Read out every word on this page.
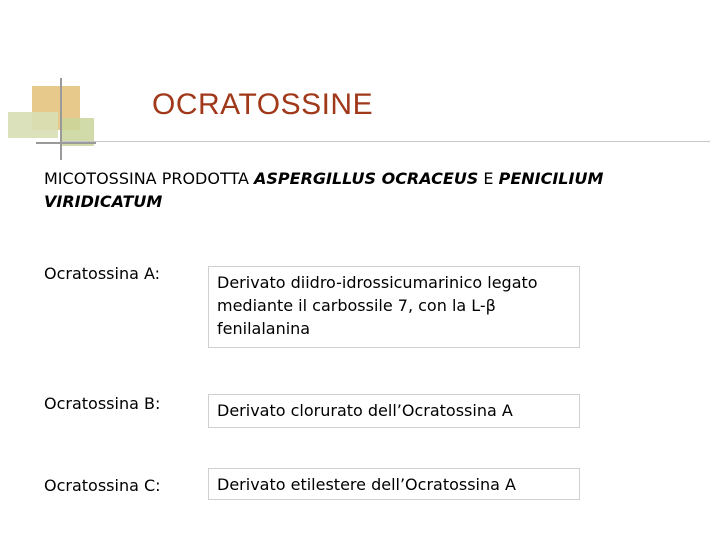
OCRATOSSINE

MICOTOSSINA PRODOTTA ASPERGILLUS OCRACEUS E PENICILIUM VIRIDICATUM

Ocratossina A:	Derivato diidro-idrossicumarinico legato mediante il carbossile 7, con la L-β fenilalanina

Ocratossina B:	Derivato clorurato dell’Ocratossina A

Ocratossina C:	Derivato etilestere dell’Ocratossina A
